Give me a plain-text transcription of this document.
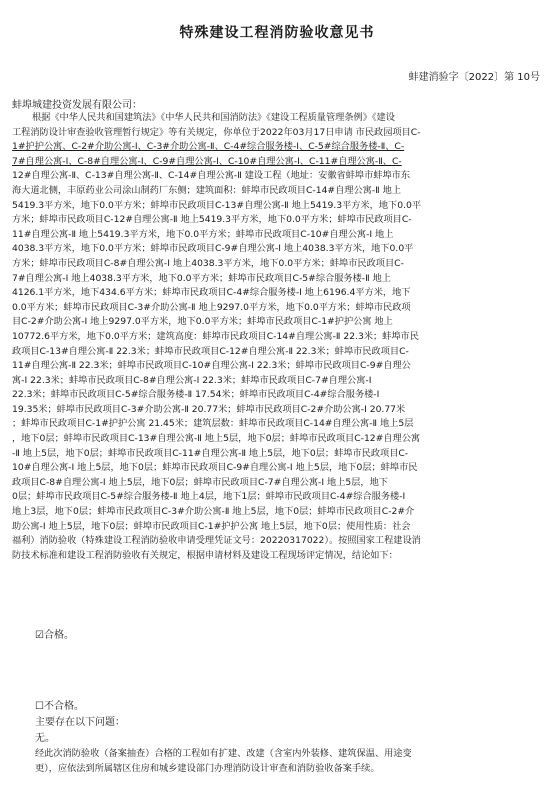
特殊建设工程消防验收意见书
蚌建消验字〔2022〕第 10号
蚌埠城建投资发展有限公司：

根据《中华人民共和国建筑法》《中华人民共和国消防法》《建设工程质量管理条例》《建设

工程消防设计审查验收管理暂行规定》等有关规定，你单位于2022年03月17日申请 市民政园项目C-

1#护护公寓、C-2#介助公寓-Ⅰ、C-3#介助公寓-Ⅱ、C-4#综合服务楼-Ⅰ、C-5#综合服务楼-Ⅱ、C-

7#自理公寓-Ⅰ、C-8#自理公寓-Ⅰ、C-9#自理公寓-Ⅰ、C-10#自理公寓-Ⅰ、C-11#自理公寓-Ⅱ、C-

12#自理公寓-Ⅱ、C-13#自理公寓-Ⅱ、C-14#自理公寓-Ⅱ 建设工程（地址：安徽省蚌埠市蚌埠市东

海大道北侧，丰原药业公司涂山制药厂东侧；建筑面积：蚌埠市民政项目C-14#自理公寓-Ⅱ 地上

5419.3平方米，地下0.0平方米；蚌埠市民政项目C-13#自理公寓-Ⅱ 地上5419.3平方米，地下0.0平

方米；蚌埠市民政项目C-12#自理公寓-Ⅱ 地上5419.3平方米，地下0.0平方米；蚌埠市民政项目C-

11#自理公寓-Ⅱ 地上5419.3平方米，地下0.0平方米；蚌埠市民政项目C-10#自理公寓-Ⅰ 地上

4038.3平方米，地下0.0平方米；蚌埠市民政项目C-9#自理公寓-Ⅰ 地上4038.3平方米，地下0.0平

方米；蚌埠市民政项目C-8#自理公寓-Ⅰ 地上4038.3平方米，地下0.0平方米；蚌埠市民政项目C-

7#自理公寓-Ⅰ 地上4038.3平方米，地下0.0平方米；蚌埠市民政项目C-5#综合服务楼-Ⅱ 地上

4126.1平方米，地下434.6平方米；蚌埠市民政项目C-4#综合服务楼-Ⅰ 地上6196.4平方米，地下

0.0平方米；蚌埠市民政项目C-3#介助公寓-Ⅱ 地上9297.0平方米，地下0.0平方米；蚌埠市民政项

目C-2#介助公寓-Ⅰ 地上9297.0平方米，地下0.0平方米；蚌埠市民政项目C-1#护护公寓 地上

10772.6平方米，地下0.0平方米；建筑高度：蚌埠市民政项目C-14#自理公寓-Ⅱ 22.3米；蚌埠市民

政项目C-13#自理公寓-Ⅱ 22.3米；蚌埠市民政项目C-12#自理公寓-Ⅱ 22.3米；蚌埠市民政项目C-

11#自理公寓-Ⅱ 22.3米；蚌埠市民政项目C-10#自理公寓-Ⅰ 22.3米；蚌埠市民政项目C-9#自理公

寓-Ⅰ 22.3米；蚌埠市民政项目C-8#自理公寓-Ⅰ 22.3米；蚌埠市民政项目C-7#自理公寓-Ⅰ

22.3米；蚌埠市民政项目C-5#综合服务楼-Ⅱ 17.54米；蚌埠市民政项目C-4#综合服务楼-Ⅰ

19.35米；蚌埠市民政项目C-3#介助公寓-Ⅱ 20.77米；蚌埠市民政项目C-2#介助公寓-Ⅰ 20.77米

；蚌埠市民政项目C-1#护护公寓 21.45米；建筑层数：蚌埠市民政项目C-14#自理公寓-Ⅱ 地上5层

，地下0层；蚌埠市民政项目C-13#自理公寓-Ⅱ 地上5层，地下0层；蚌埠市民政项目C-12#自理公寓

-Ⅱ 地上5层，地下0层；蚌埠市民政项目C-11#自理公寓-Ⅱ 地上5层，地下0层；蚌埠市民政项目C-

10#自理公寓-Ⅰ 地上5层，地下0层；蚌埠市民政项目C-9#自理公寓-Ⅰ 地上5层，地下0层；蚌埠市民

政项目C-8#自理公寓-Ⅰ 地上5层，地下0层；蚌埠市民政项目C-7#自理公寓-Ⅰ 地上5层，地下

0层；蚌埠市民政项目C-5#综合服务楼-Ⅱ 地上4层，地下1层；蚌埠市民政项目C-4#综合服务楼-Ⅰ

地上3层，地下0层；蚌埠市民政项目C-3#介助公寓-Ⅱ 地上5层，地下0层；蚌埠市民政项目C-2#介

助公寓-Ⅰ 地上5层，地下0层；蚌埠市民政项目C-1#护护公寓 地上5层，地下0层；使用性质：社会

福利）消防验收（特殊建设工程消防验收申请受理凭证文号：20220317022）。按照国家工程建设消

防技术标准和建设工程消防验收有关规定，根据申请材料及建设工程现场评定情况，结论如下：

☑合格。
☐不合格。
主要存在以下问题：
无。

经此次消防验收（备案抽查）合格的工程如有扩建、改建（含室内外装修、建筑保温、用途变

更），应依法到所属辖区住房和城乡建设部门办理消防设计审查和消防验收备案手续。
